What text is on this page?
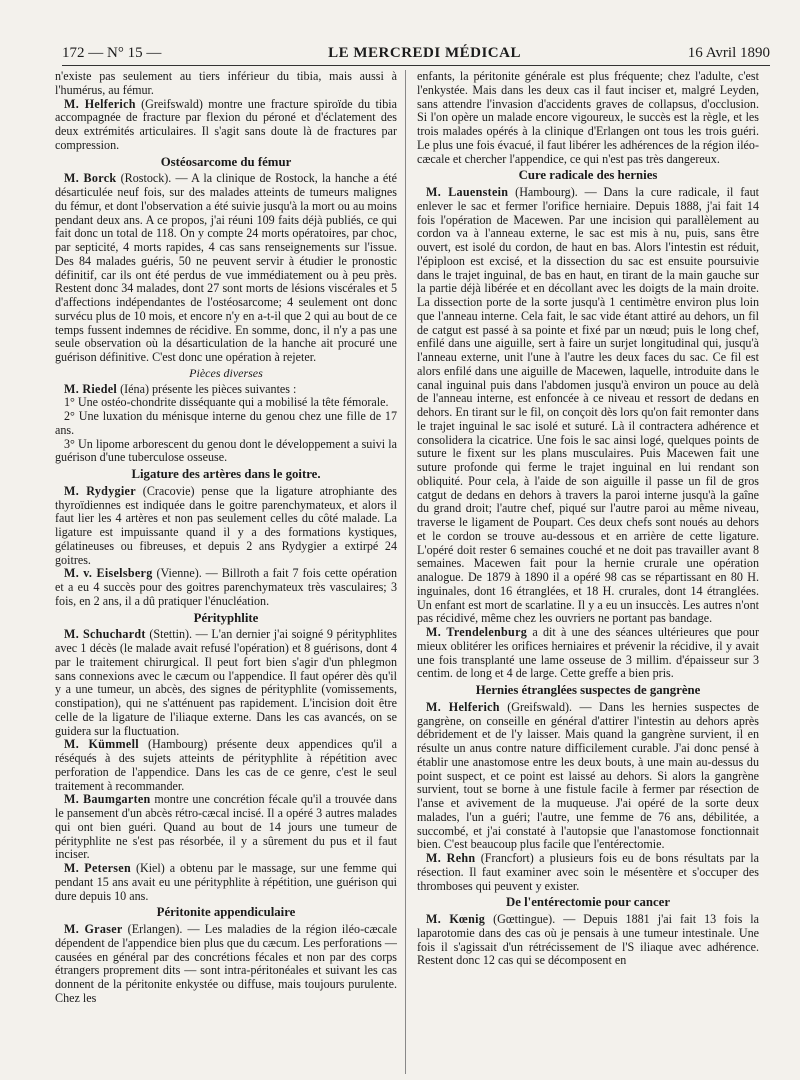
172 — N° 15 —	LE MERCREDI MÉDICAL	16 Avril 1890

n'existe pas seulement au tiers inférieur du tibia, mais aussi à l'humérus, au fémur.

M. Helferich (Greifswald) montre une fracture spiroïde du tibia accompagnée de fracture par flexion du péroné et d'éclatement des deux extrémités articulaires. Il s'agit sans doute là de fractures par compression.

Ostéosarcome du fémur

M. Borck (Rostock). — A la clinique de Rostock, la hanche a été désarticulée neuf fois, sur des malades atteints de tumeurs malignes du fémur, et dont l'observation a été suivie jusqu'à la mort ou au moins pendant deux ans. A ce propos, j'ai réuni 109 faits déjà publiés, ce qui fait donc un total de 118. On y compte 24 morts opératoires, par choc, par septicité, 4 morts rapides, 4 cas sans renseignements sur l'issue. Des 84 malades guéris, 50 ne peuvent servir à étudier le pronostic définitif, car ils ont été perdus de vue immédiatement ou à peu près. Restent donc 34 malades, dont 27 sont morts de lésions viscérales et 5 d'affections indépendantes de l'ostéosarcome; 4 seulement ont donc survécu plus de 10 mois, et encore n'y en a-t-il que 2 qui au bout de ce temps fussent indemnes de récidive. En somme, donc, il n'y a pas une seule observation où la désarticulation de la hanche ait procuré une guérison définitive. C'est donc une opération à rejeter.

Pièces diverses

M. Riedel (Iéna) présente les pièces suivantes :

1° Une ostéo-chondrite disséquante qui a mobilisé la tête fémorale.

2° Une luxation du ménisque interne du genou chez une fille de 17 ans.

3° Un lipome arborescent du genou dont le développement a suivi la guérison d'une tuberculose osseuse.

Ligature des artères dans le goitre.

M. Rydygier (Cracovie) pense que la ligature atrophiante des thyroïdiennes est indiquée dans le goitre parenchymateux, et alors il faut lier les 4 artères et non pas seulement celles du côté malade. La ligature est impuissante quand il y a des formations kystiques, gélatineuses ou fibreuses, et depuis 2 ans Rydygier a extirpé 24 goitres.

M. v. Eiselsberg (Vienne). — Billroth a fait 7 fois cette opération et a eu 4 succès pour des goitres parenchymateux très vasculaires; 3 fois, en 2 ans, il a dû pratiquer l'énucléation.

Pérityphlite

M. Schuchardt (Stettin). — L'an dernier j'ai soigné 9 pérityphlites avec 1 décès (le malade avait refusé l'opération) et 8 guérisons, dont 4 par le traitement chirurgical. Il peut fort bien s'agir d'un phlegmon sans connexions avec le cæcum ou l'appendice. Il faut opérer dès qu'il y a une tumeur, un abcès, des signes de pérityphlite (vomissements, constipation), qui ne s'atténuent pas rapidement. L'incision doit être celle de la ligature de l'iliaque externe. Dans les cas avancés, on se guidera sur la fluctuation.

M. Kümmell (Hambourg) présente deux appendices qu'il a réséqués à des sujets atteints de pérityphlite à répétition avec perforation de l'appendice. Dans les cas de ce genre, c'est le seul traitement à recommander.

M. Baumgarten montre une concrétion fécale qu'il a trouvée dans le pansement d'un abcès rétro-cæcal incisé. Il a opéré 3 autres malades qui ont bien guéri. Quand au bout de 14 jours une tumeur de pérityphlite ne s'est pas résorbée, il y a sûrement du pus et il faut inciser.

M. Petersen (Kiel) a obtenu par le massage, sur une femme qui pendant 15 ans avait eu une pérityphlite à répétition, une guérison qui dure depuis 10 ans.

Péritonite appendiculaire

M. Graser (Erlangen). — Les maladies de la région iléo-cæcale dépendent de l'appendice bien plus que du cæcum. Les perforations — causées en général par des concrétions fécales et non par des corps étrangers proprement dits — sont intra-péritonéales et suivant les cas donnent de la péritonite enkystée ou diffuse, mais toujours purulente. Chez les

enfants, la péritonite générale est plus fréquente; chez l'adulte, c'est l'enkystée. Mais dans les deux cas il faut inciser et, malgré Leyden, sans attendre l'invasion d'accidents graves de collapsus, d'occlusion. Si l'on opère un malade encore vigoureux, le succès est la règle, et les trois malades opérés à la clinique d'Erlangen ont tous les trois guéri. Le plus une fois évacué, il faut libérer les adhérences de la région iléo-cæcale et chercher l'appendice, ce qui n'est pas très dangereux.

Cure radicale des hernies

M. Lauenstein (Hambourg). — Dans la cure radicale, il faut enlever le sac et fermer l'orifice herniaire. Depuis 1888, j'ai fait 14 fois l'opération de Macewen. Par une incision qui parallèlement au cordon va à l'anneau externe, le sac est mis à nu, puis, sans être ouvert, est isolé du cordon, de haut en bas. Alors l'intestin est réduit, l'épiploon est excisé, et la dissection du sac est ensuite poursuivie dans le trajet inguinal, de bas en haut, en tirant de la main gauche sur la partie déjà libérée et en décollant avec les doigts de la main droite. La dissection porte de la sorte jusqu'à 1 centimètre environ plus loin que l'anneau interne. Cela fait, le sac vide étant attiré au dehors, un fil de catgut est passé à sa pointe et fixé par un nœud; puis le long chef, enfilé dans une aiguille, sert à faire un surjet longitudinal qui, jusqu'à l'anneau externe, unit l'une à l'autre les deux faces du sac. Ce fil est alors enfilé dans une aiguille de Macewen, laquelle, introduite dans le canal inguinal puis dans l'abdomen jusqu'à environ un pouce au delà de l'anneau interne, est enfoncée à ce niveau et ressort de dedans en dehors. En tirant sur le fil, on conçoit dès lors qu'on fait remonter dans le trajet inguinal le sac isolé et suturé. Là il contractera adhérence et consolidera la cicatrice. Une fois le sac ainsi logé, quelques points de suture le fixent sur les plans musculaires. Puis Macewen fait une suture profonde qui ferme le trajet inguinal en lui rendant son obliquité. Pour cela, à l'aide de son aiguille il passe un fil de gros catgut de dedans en dehors à travers la paroi interne jusqu'à la gaîne du grand droit; l'autre chef, piqué sur l'autre paroi au même niveau, traverse le ligament de Poupart. Ces deux chefs sont noués au dehors et le cordon se trouve au-dessous et en arrière de cette ligature. L'opéré doit rester 6 semaines couché et ne doit pas travailler avant 8 semaines. Macewen fait pour la hernie crurale une opération analogue. De 1879 à 1890 il a opéré 98 cas se répartissant en 80 H. inguinales, dont 16 étranglées, et 18 H. crurales, dont 14 étranglées. Un enfant est mort de scarlatine. Il y a eu un insuccès. Les autres n'ont pas récidivé, même chez les ouvriers ne portant pas bandage.

M. Trendelenburg a dit à une des séances ultérieures que pour mieux oblitérer les orifices herniaires et prévenir la récidive, il y avait une fois transplanté une lame osseuse de 3 millim. d'épaisseur sur 3 centim. de long et 4 de large. Cette greffe a bien pris.

Hernies étranglées suspectes de gangrène

M. Helferich (Greifswald). — Dans les hernies suspectes de gangrène, on conseille en général d'attirer l'intestin au dehors après débridement et de l'y laisser. Mais quand la gangrène survient, il en résulte un anus contre nature difficilement curable. J'ai donc pensé à établir une anastomose entre les deux bouts, à une main au-dessus du point suspect, et ce point est laissé au dehors. Si alors la gangrène survient, tout se borne à une fistule facile à fermer par résection de l'anse et avivement de la muqueuse. J'ai opéré de la sorte deux malades, l'un a guéri; l'autre, une femme de 76 ans, débilitée, a succombé, et j'ai constaté à l'autopsie que l'anastomose fonctionnait bien. C'est beaucoup plus facile que l'entérectomie.

M. Rehn (Francfort) a plusieurs fois eu de bons résultats par la résection. Il faut examiner avec soin le mésentère et s'occuper des thromboses qui peuvent y exister.

De l'entérectomie pour cancer

M. Kœnig (Gœttingue). — Depuis 1881 j'ai fait 13 fois la laparotomie dans des cas où je pensais à une tumeur intestinale. Une fois il s'agissait d'un rétrécissement de l'S iliaque avec adhérence. Restent donc 12 cas qui se décomposent en
